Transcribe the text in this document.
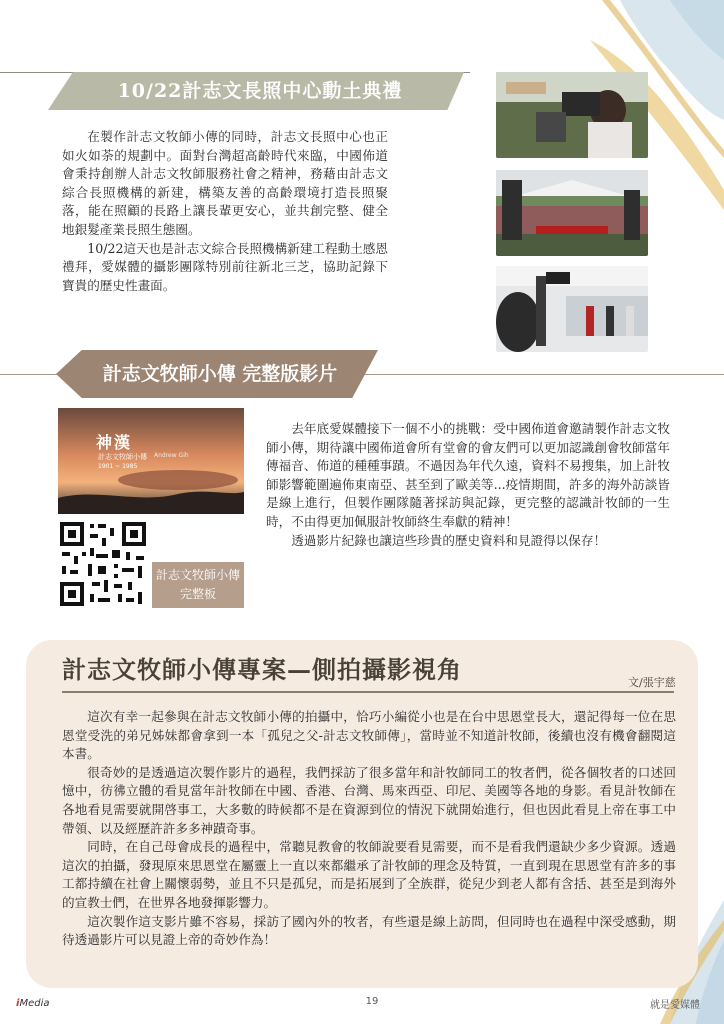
10/22計志文長照中心動土典禮

在製作計志文牧師小傳的同時，計志文長照中心也正如火如荼的規劃中。面對台灣超高齡時代來臨，中國佈道會秉持創辦人計志文牧師服務社會之精神，務藉由計志文綜合長照機構的新建，構築友善的高齡環境打造長照聚落，能在照顧的長路上讓長輩更安心，並共創完整、健全地銀髮產業長照生態圈。

10/22這天也是計志文綜合長照機構新建工程動土感恩禮拜，愛媒體的攝影團隊特別前往新北三芝，協助記錄下寶貴的歷史性畫面。

計志文牧師小傳 完整版影片
神漢
計志文牧師小傳 Andrew Gih
1901 ~ 1985
計志文牧師小傳
完整板

去年底愛媒體接下一個不小的挑戰：受中國佈道會邀請製作計志文牧師小傳，期待讓中國佈道會所有堂會的會友們可以更加認識創會牧師當年傳福音、佈道的種種事蹟。不過因為年代久遠，資料不易搜集，加上計牧師影響範圍遍佈東南亞、甚至到了歐美等...疫情期間，許多的海外訪談皆是線上進行，但製作團隊隨著採訪與記錄，更完整的認識計牧師的一生時，不由得更加佩服計牧師終生奉獻的精神！

透過影片紀錄也讓這些珍貴的歷史資料和見證得以保存！

計志文牧師小傳專案—側拍攝影視角	文/張宇慈

這次有幸一起參與在計志文牧師小傳的拍攝中，恰巧小編從小也是在台中思恩堂長大，還記得每一位在思恩堂受洗的弟兄姊妹都會拿到一本「孤兒之父-計志文牧師傳」，當時並不知道計牧師，後續也沒有機會翻閱這本書。

很奇妙的是透過這次製作影片的過程，我們採訪了很多當年和計牧師同工的牧者們，從各個牧者的口述回憶中，彷彿立體的看見當年計牧師在中國、香港、台灣、馬來西亞、印尼、美國等各地的身影。看見計牧師在各地看見需要就開啓事工，大多數的時候都不是在資源到位的情況下就開始進行，但也因此看見上帝在事工中帶領、以及經歷許許多多神蹟奇事。

同時，在自己母會成長的過程中，常聽見教會的牧師說要看見需要，而不是看我們還缺少多少資源。透過這次的拍攝，發現原來思恩堂在屬靈上一直以來都繼承了計牧師的理念及特質，一直到現在思恩堂有許多的事工都持續在社會上關懷弱勢，並且不只是孤兒，而是拓展到了全族群，從兒少到老人都有含括、甚至是到海外的宣教士們，在世界各地發揮影響力。

這次製作這支影片雖不容易，採訪了國內外的牧者，有些還是線上訪問，但同時也在過程中深受感動，期待透過影片可以見證上帝的奇妙作為！

iMedia	19	就是愛媒體
